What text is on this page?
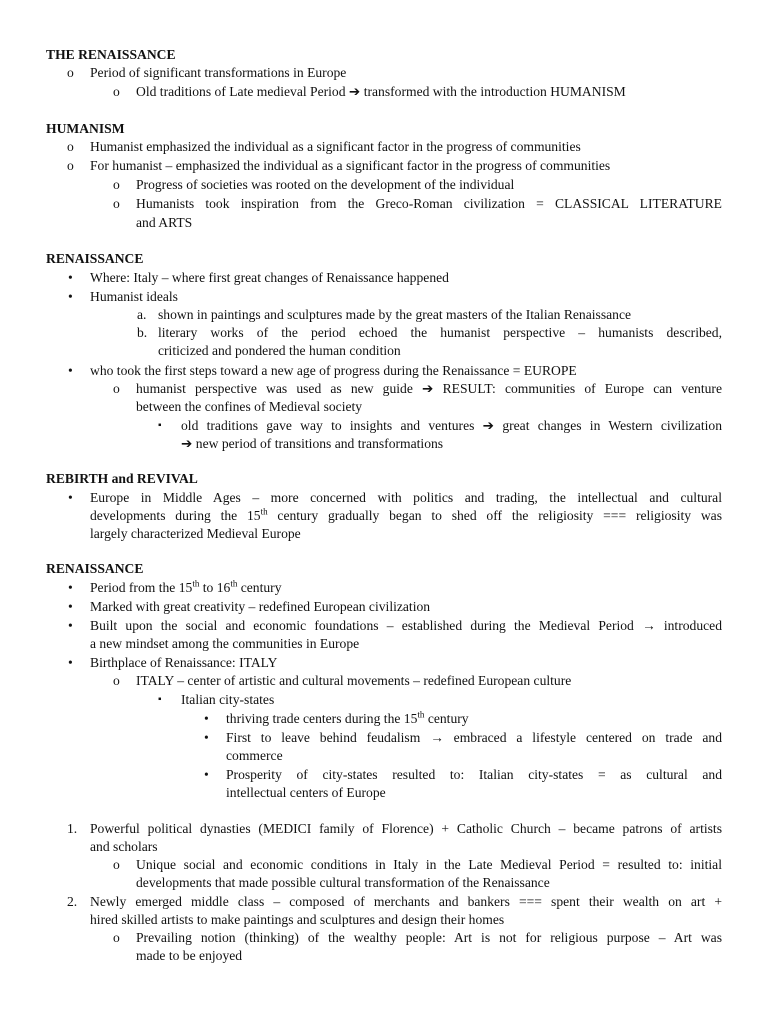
THE RENAISSANCE
o Period of significant transformations in Europe
o Old traditions of Late medieval Period ➔ transformed with the introduction HUMANISM
HUMANISM
o Humanist emphasized the individual as a significant factor in the progress of communities
o For humanist – emphasized the individual as a significant factor in the progress of communities
o Progress of societies was rooted on the development of the individual
o Humanists took inspiration from the Greco-Roman civilization = CLASSICAL LITERATURE
and ARTS
RENAISSANCE
• Where: Italy – where first great changes of Renaissance happened
• Humanist ideals
a. shown in paintings and sculptures made by the great masters of the Italian Renaissance
b. literary works of the period echoed the humanist perspective – humanists described,
criticized and pondered the human condition
• who took the first steps toward a new age of progress during the Renaissance = EUROPE
o humanist perspective was used as new guide ➔ RESULT: communities of Europe can venture
between the confines of Medieval society
▪ old traditions gave way to insights and ventures ➔ great changes in Western civilization
➔ new period of transitions and transformations
REBIRTH and REVIVAL
• Europe in Middle Ages – more concerned with politics and trading, the intellectual and cultural
developments during the 15th century gradually began to shed off the religiosity === religiosity was
largely characterized Medieval Europe
RENAISSANCE
• Period from the 15th to 16th century
• Marked with great creativity – redefined European civilization
• Built upon the social and economic foundations – established during the Medieval Period → introduced
a new mindset among the communities in Europe
• Birthplace of Renaissance: ITALY
o ITALY – center of artistic and cultural movements – redefined European culture
▪ Italian city-states
• thriving trade centers during the 15th century
• First to leave behind feudalism → embraced a lifestyle centered on trade and
commerce
• Prosperity of city-states resulted to: Italian city-states = as cultural and
intellectual centers of Europe
1. Powerful political dynasties (MEDICI family of Florence) + Catholic Church – became patrons of artists
and scholars
o Unique social and economic conditions in Italy in the Late Medieval Period = resulted to: initial
developments that made possible cultural transformation of the Renaissance
2. Newly emerged middle class – composed of merchants and bankers === spent their wealth on art +
hired skilled artists to make paintings and sculptures and design their homes
o Prevailing notion (thinking) of the wealthy people: Art is not for religious purpose – Art was
made to be enjoyed
